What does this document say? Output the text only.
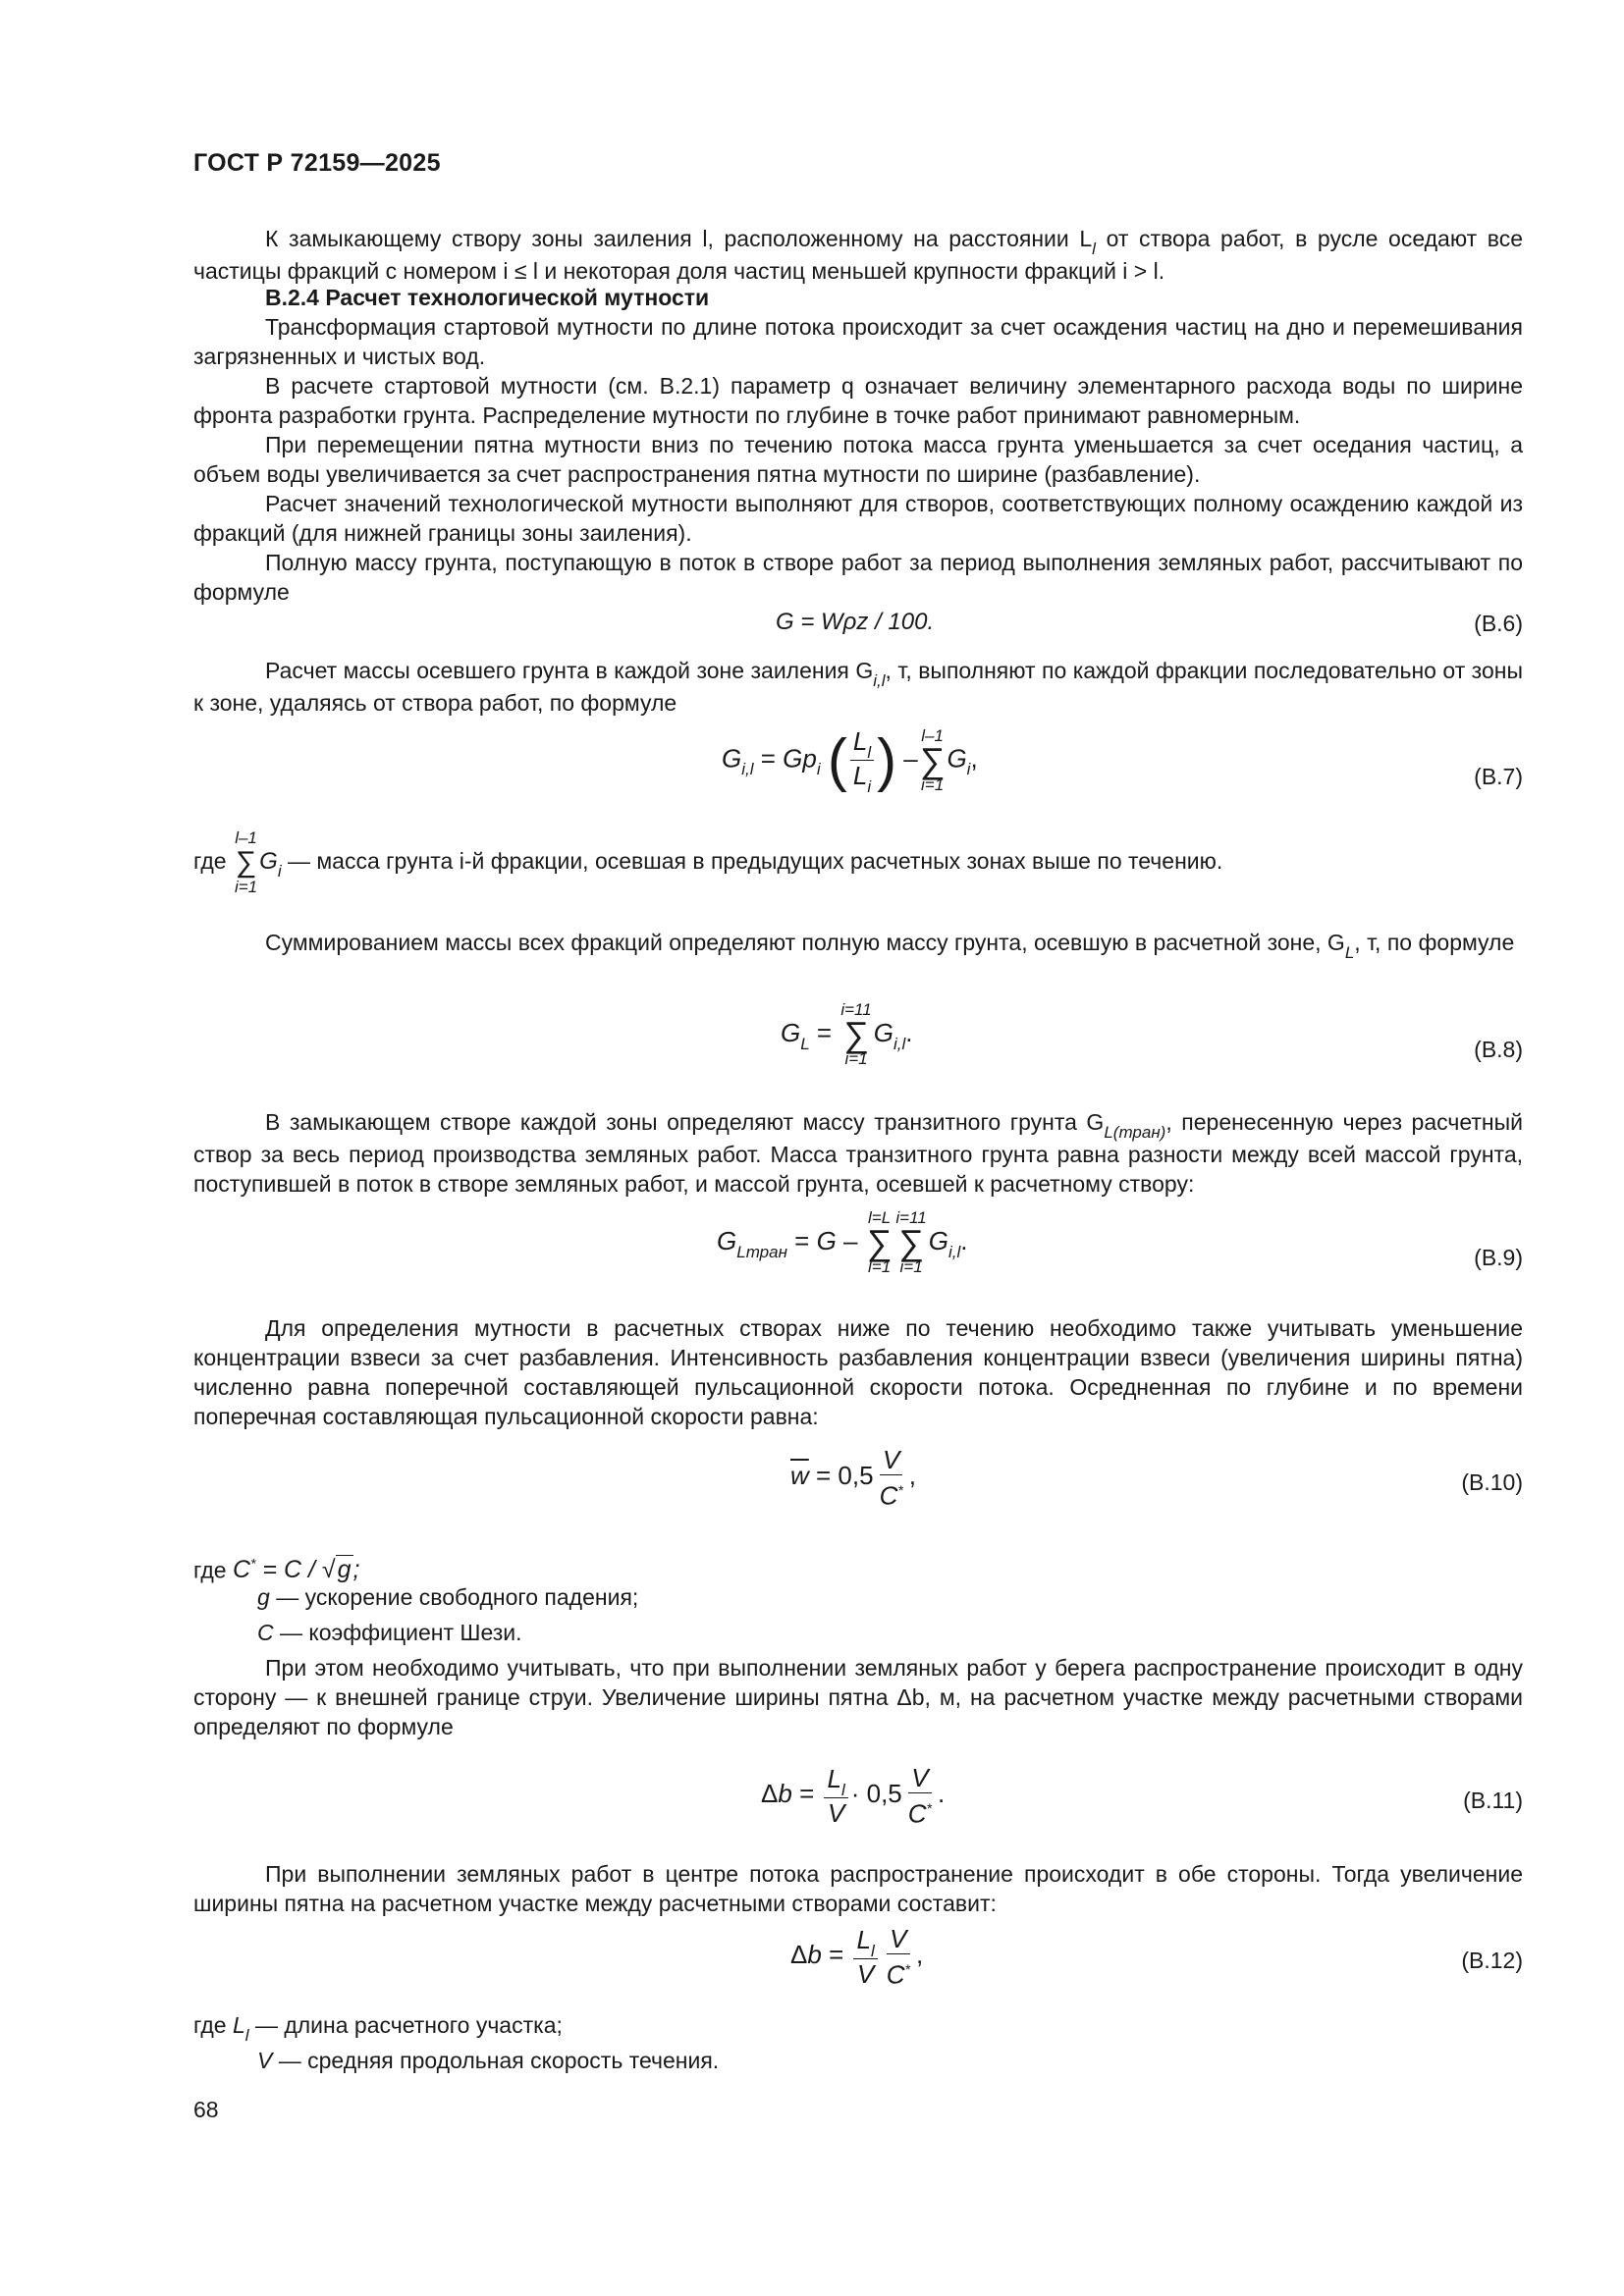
ГОСТ Р 72159—2025
К замыкающему створу зоны заиления l, расположенному на расстоянии $L_l$ от створа работ, в русле оседают все частицы фракций с номером i ≤ l и некоторая доля частиц меньшей крупности фракций i > l.
В.2.4 Расчет технологической мутности
Трансформация стартовой мутности по длине потока происходит за счет осаждения частиц на дно и перемешивания загрязненных и чистых вод.
В расчете стартовой мутности (см. В.2.1) параметр q означает величину элементарного расхода воды по ширине фронта разработки грунта. Распределение мутности по глубине в точке работ принимают равномерным.
При перемещении пятна мутности вниз по течению потока масса грунта уменьшается за счет оседания частиц, а объем воды увеличивается за счет распространения пятна мутности по ширине (разбавление).
Расчет значений технологической мутности выполняют для створов, соответствующих полному осаждению каждой из фракций (для нижней границы зоны заиления).
Полную массу грунта, поступающую в поток в створе работ за период выполнения земляных работ, рассчитывают по формуле
G = Wρz / 100.	(В.6)
Расчет массы осевшего грунта в каждой зоне заиления $G_{i,l}$, т, выполняют по каждой фракции последовательно от зоны к зоне, удаляясь от створа работ, по формуле
$G_{i,l} = Gp_i$ ( $\frac{L_l}{L_i}$ ) –
l–1
∑
i=1
$G_i$,
(В.7)
где
l–1
∑
i=1
$G_i$ — масса грунта i-й фракции, осевшая в предыдущих расчетных зонах выше по течению.
Суммированием массы всех фракций определяют полную массу грунта, осевшую в расчетной зоне, $G_L$, т, по формуле
$G_L$ =
i=11
∑
i=1
$G_{i,l}$.
(В.8)
В замыкающем створе каждой зоны определяют массу транзитного грунта $G_{L(тран)}$, перенесенную через расчетный створ за весь период производства земляных работ. Масса транзитного грунта равна разности между всей массой грунта, поступившей в поток в створе земляных работ, и массой грунта, осевшей к расчетному створу:
$G_{Lтран} = G$ –
l=L
∑
l=1
i=11
∑
i=1
$G_{i,l}$.
(В.9)
Для определения мутности в расчетных створах ниже по течению необходимо также учитывать уменьшение концентрации взвеси за счет разбавления. Интенсивность разбавления концентрации взвеси (увеличения ширины пятна) численно равна поперечной составляющей пульсационной скорости потока. Осредненная по глубине и по времени поперечная составляющая пульсационной скорости равна:
$\overline{w} = 0,5 \frac{V}{C^*}$ ,	(В.10)
где C* = C / √g;
g — ускорение свободного падения;
C — коэффициент Шези.
При этом необходимо учитывать, что при выполнении земляных работ у берега распространение происходит в одну сторону — к внешней границе струи. Увеличение ширины пятна Δb, м, на расчетном участке между расчетными створами определяют по формуле
$\Delta b = \frac{L_l}{V} \cdot 0,5 \frac{V}{C^*}$ .	(В.11)
При выполнении земляных работ в центре потока распространение происходит в обе стороны. Тогда увеличение ширины пятна на расчетном участке между расчетными створами составит:
$\Delta b = \frac{L_l}{V} \frac{V}{C^*}$ ,	(В.12)
где $L_l$ — длина расчетного участка;
V — средняя продольная скорость течения.
68
